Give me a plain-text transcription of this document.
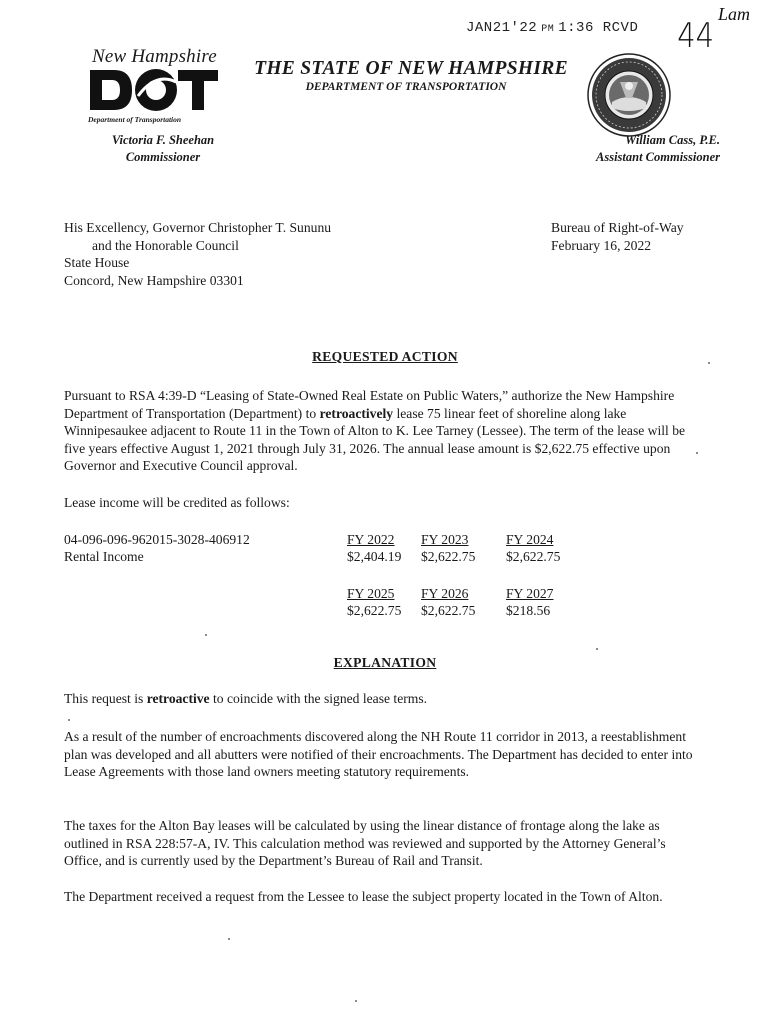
JAN21'22 PM 1:36 RCVD 44
Lam
New Hampshire
Department of Transportation
Victoria F. Sheehan
Commissioner
THE STATE OF NEW HAMPSHIRE
DEPARTMENT OF TRANSPORTATION
William Cass, P.E.
Assistant Commissioner
His Excellency, Governor Christopher T. Sununu
and the Honorable Council
State House
Concord, New Hampshire 03301
Bureau of Right-of-Way
February 16, 2022
REQUESTED ACTION
Pursuant to RSA 4:39-D “Leasing of State-Owned Real Estate on Public Waters,” authorize the New Hampshire Department of Transportation (Department) to retroactively lease 75 linear feet of shoreline along lake Winnipesaukee adjacent to Route 11 in the Town of Alton to K. Lee Tarney (Lessee). The term of the lease will be five years effective August 1, 2021 through July 31, 2026. The annual lease amount is $2,622.75 effective upon Governor and Executive Council approval.
Lease income will be credited as follows:
04-096-096-962015-3028-406912
Rental Income
FY 2022
$2,404.19
FY 2023
$2,622.75
FY 2024
$2,622.75
FY 2025
$2,622.75
FY 2026
$2,622.75
FY 2027
$218.56
EXPLANATION
This request is retroactive to coincide with the signed lease terms.
As a result of the number of encroachments discovered along the NH Route 11 corridor in 2013, a reestablishment plan was developed and all abutters were notified of their encroachments. The Department has decided to enter into Lease Agreements with those land owners meeting statutory requirements.
The taxes for the Alton Bay leases will be calculated by using the linear distance of frontage along the lake as outlined in RSA 228:57-A, IV. This calculation method was reviewed and supported by the Attorney General’s Office, and is currently used by the Department’s Bureau of Rail and Transit.
The Department received a request from the Lessee to lease the subject property located in the Town of Alton.
